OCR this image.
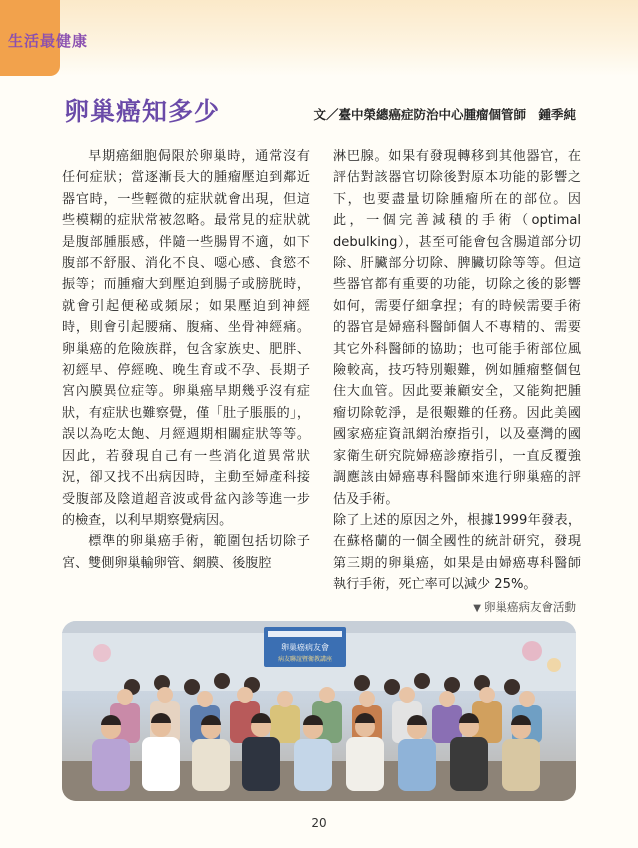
生活最健康
卵巢癌知多少	文／臺中榮總癌症防治中心腫瘤個管師　鍾季純

早期癌細胞侷限於卵巢時，通常沒有任何症狀；當逐漸長大的腫瘤壓迫到鄰近器官時，一些輕微的症狀就會出現，但這些模糊的症狀常被忽略。最常見的症狀就是腹部腫脹感，伴隨一些腸胃不適，如下腹部不舒服、消化不良、噁心感、食慾不振等；而腫瘤大到壓迫到腸子或膀胱時，就會引起便秘或頻尿；如果壓迫到神經時，則會引起腰痛、腹痛、坐骨神經痛。卵巢癌的危險族群，包含家族史、肥胖、初經早、停經晚、晚生育或不孕、長期子宮內膜異位症等。卵巢癌早期幾乎沒有症狀，有症狀也難察覺，僅「肚子脹脹的」，誤以為吃太飽、月經週期相關症狀等等。因此，若發現自己有一些消化道異常狀況，卻又找不出病因時，主動至婦產科接受腹部及陰道超音波或骨盆內診等進一步的檢查，以利早期察覺病因。

標準的卵巢癌手術，範圍包括切除子宮、雙側卵巢輸卵管、網膜、後腹腔

淋巴腺。如果有發現轉移到其他器官，在評估對該器官切除後對原本功能的影響之下，也要盡量切除腫瘤所在的部位。因此，一個完善減積的手術（optimal debulking），甚至可能會包含腸道部分切除、肝臟部分切除、脾臟切除等等。但這些器官都有重要的功能，切除之後的影響如何，需要仔細拿捏；有的時候需要手術的器官是婦癌科醫師個人不專精的、需要其它外科醫師的協助；也可能手術部位風險較高，技巧特別艱難，例如腫瘤整個包住大血管。因此要兼顧安全，又能夠把腫瘤切除乾淨，是很艱難的任務。因此美國國家癌症資訊網治療指引，以及臺灣的國家衛生研究院婦癌診療指引，一直反覆強調應該由婦癌專科醫師來進行卵巢癌的評估及手術。

除了上述的原因之外，根據1999年發表，在蘇格蘭的一個全國性的統計研究，發現第三期的卵巢癌，如果是由婦癌專科醫師執行手術，死亡率可以減少 25%。

▼ 卵巢癌病友會活動
卵巢癌病友會
病友聯誼暨衛教講座
20
